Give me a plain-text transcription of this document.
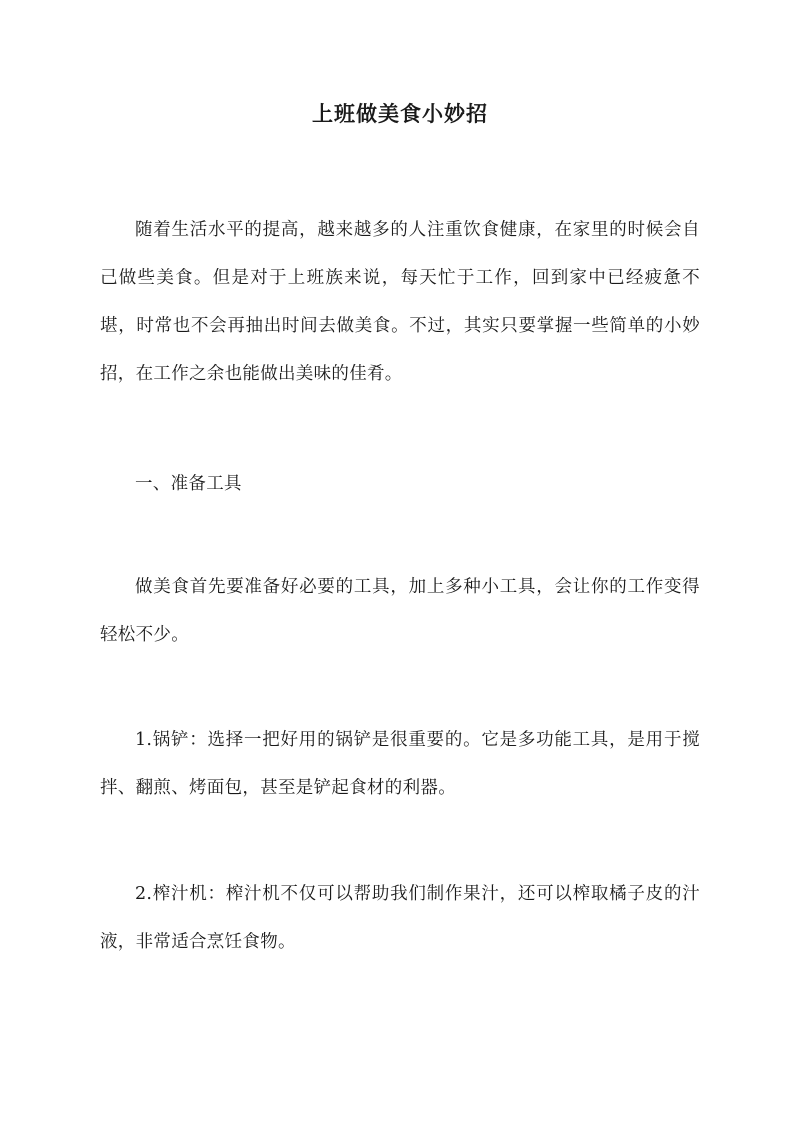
上班做美食小妙招

随着生活水平的提高，越来越多的人注重饮食健康，在家里的时候会自己做些美食。但是对于上班族来说，每天忙于工作，回到家中已经疲惫不堪，时常也不会再抽出时间去做美食。不过，其实只要掌握一些简单的小妙招，在工作之余也能做出美味的佳肴。

一、准备工具

做美食首先要准备好必要的工具，加上多种小工具，会让你的工作变得轻松不少。

1.锅铲：选择一把好用的锅铲是很重要的。它是多功能工具，是用于搅拌、翻煎、烤面包，甚至是铲起食材的利器。

2.榨汁机：榨汁机不仅可以帮助我们制作果汁，还可以榨取橘子皮的汁液，非常适合烹饪食物。
